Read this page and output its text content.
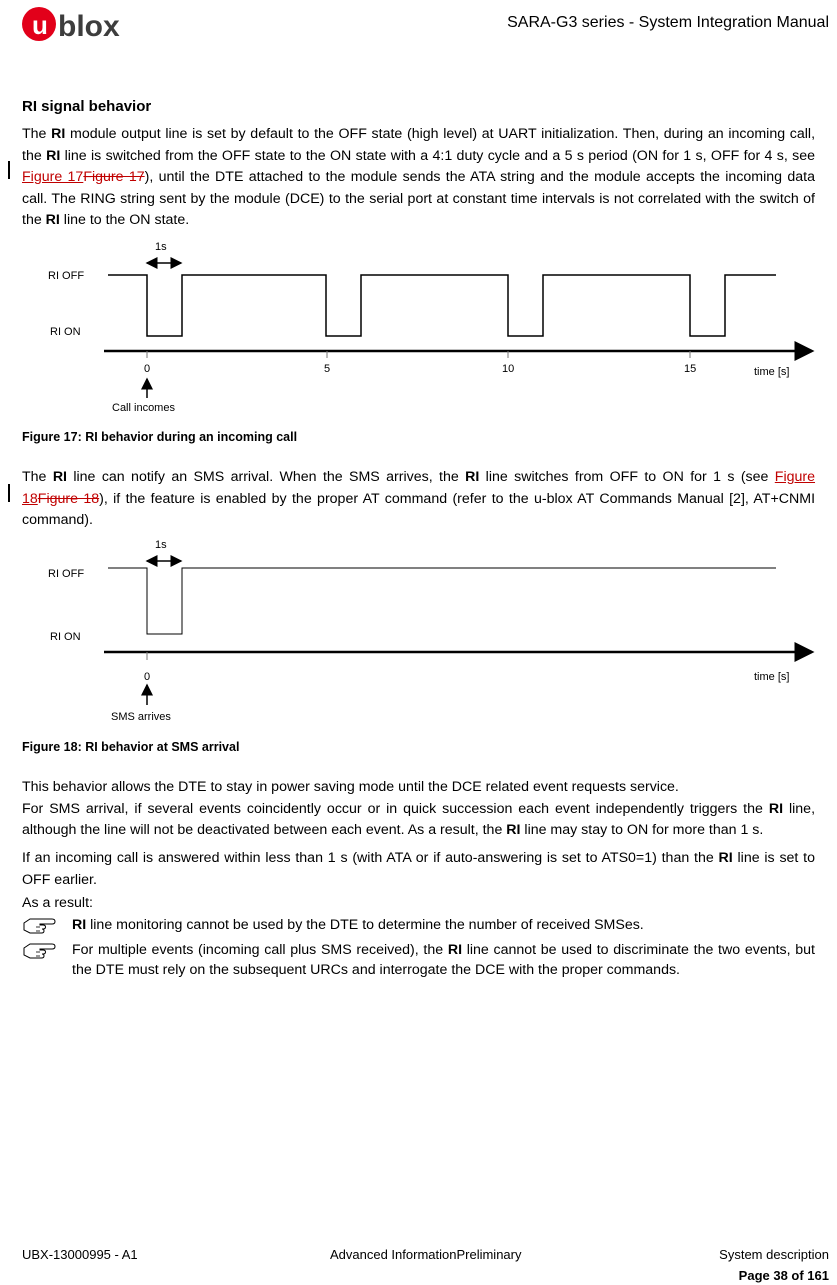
u blox	SARA-G3 series - System Integration Manual
RI signal behavior
The RI module output line is set by default to the OFF state (high level) at UART initialization. Then, during an incoming call, the RI line is switched from the OFF state to the ON state with a 4:1 duty cycle and a 5 s period (ON for 1 s, OFF for 4 s, see Figure 17Figure 17), until the DTE attached to the module sends the ATA string and the module accepts the incoming data call. The RING string sent by the module (DCE) to the serial port at constant time intervals is not correlated with the switch of the RI line to the ON state.
RI OFF
RI ON
1s
0	5	10	15	time [s]
Call incomes
Figure 17: RI behavior during an incoming call
The RI line can notify an SMS arrival. When the SMS arrives, the RI line switches from OFF to ON for 1 s (see Figure 18Figure 18), if the feature is enabled by the proper AT command (refer to the u-blox AT Commands Manual [2], AT+CNMI command).
RI OFF
RI ON
1s
0	time [s]
SMS arrives
Figure 18: RI behavior at SMS arrival
This behavior allows the DTE to stay in power saving mode until the DCE related event requests service.
For SMS arrival, if several events coincidently occur or in quick succession each event independently triggers the RI line, although the line will not be deactivated between each event. As a result, the RI line may stay to ON for more than 1 s.
If an incoming call is answered within less than 1 s (with ATA or if auto-answering is set to ATS0=1) than the RI line is set to OFF earlier.
As a result:
RI line monitoring cannot be used by the DTE to determine the number of received SMSes.
For multiple events (incoming call plus SMS received), the RI line cannot be used to discriminate the two events, but the DTE must rely on the subsequent URCs and interrogate the DCE with the proper commands.
UBX-13000995 - A1	Advanced InformationPreliminary	System description
Page 38 of 161
